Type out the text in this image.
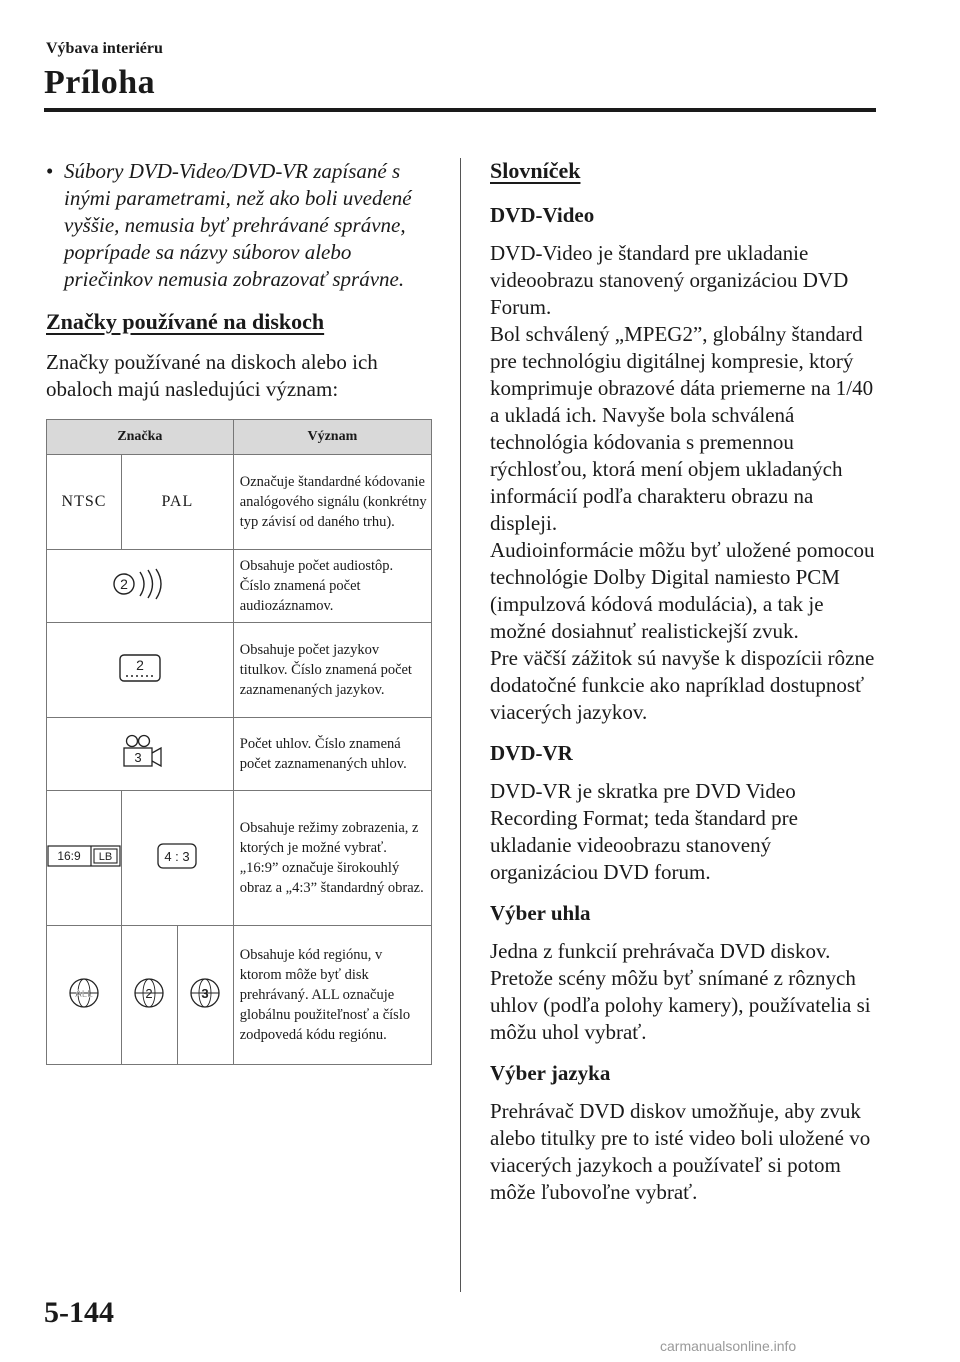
Výbava interiéru
Príloha
• Súbory DVD-Video/DVD-VR zapísané s inými parametrami, než ako boli uvedené vyššie, nemusia byť prehrávané správne, poprípade sa názvy súborov alebo priečinkov nemusia zobrazovať správne.
Značky používané na diskoch

Značky používané na diskoch alebo ich obaloch majú nasledujúci význam:

Značka			Význam
NTSC	PAL		Označuje štandardné kódovanie analógového signálu (konkrétny typ závisí od daného trhu).

2			Obsahuje počet audiostôp. Číslo znamená počet audiozáznamov.

2			Obsahuje počet jazykov titulkov. Číslo znamená počet zaznamenaných jazykov.

3			Počet uhlov. Číslo znamená počet zaznamenaných uhlov.

16:9 LB	4 : 3		Obsahuje režimy zobrazenia, z ktorých je možné vybrať. „16:9” označuje širokouhlý obraz a „4:3” štandardný obraz.

ALL	2	3	Obsahuje kód regiónu, v ktorom môže byť disk prehrávaný. ALL označuje globálnu použiteľnosť a číslo zodpovedá kódu regiónu.
Slovníček

DVD-Video

DVD-Video je štandard pre ukladanie videoobrazu stanovený organizáciou DVD Forum.
Bol schválený „MPEG2”, globálny štandard pre technológiu digitálnej kompresie, ktorý komprimuje obrazové dáta priemerne na 1/40 a ukladá ich. Navyše bola schválená technológia kódovania s premennou rýchlosťou, ktorá mení objem ukladaných informácií podľa charakteru obrazu na displeji.
Audioinformácie môžu byť uložené pomocou technológie Dolby Digital namiesto PCM (impulzová kódová modulácia), a tak je možné dosiahnuť realistickejší zvuk.
Pre väčší zážitok sú navyše k dispozícii rôzne dodatočné funkcie ako napríklad dostupnosť viacerých jazykov.

DVD-VR

DVD-VR je skratka pre DVD Video Recording Format; teda štandard pre ukladanie videoobrazu stanovený organizáciou DVD forum.

Výber uhla

Jedna z funkcií prehrávača DVD diskov. Pretože scény môžu byť snímané z rôznych uhlov (podľa polohy kamery), používatelia si môžu uhol vybrať.

Výber jazyka

Prehrávač DVD diskov umožňuje, aby zvuk alebo titulky pre to isté video boli uložené vo viacerých jazykoch a používateľ si potom môže ľubovoľne vybrať.

5-144
carmanualsonline.info
